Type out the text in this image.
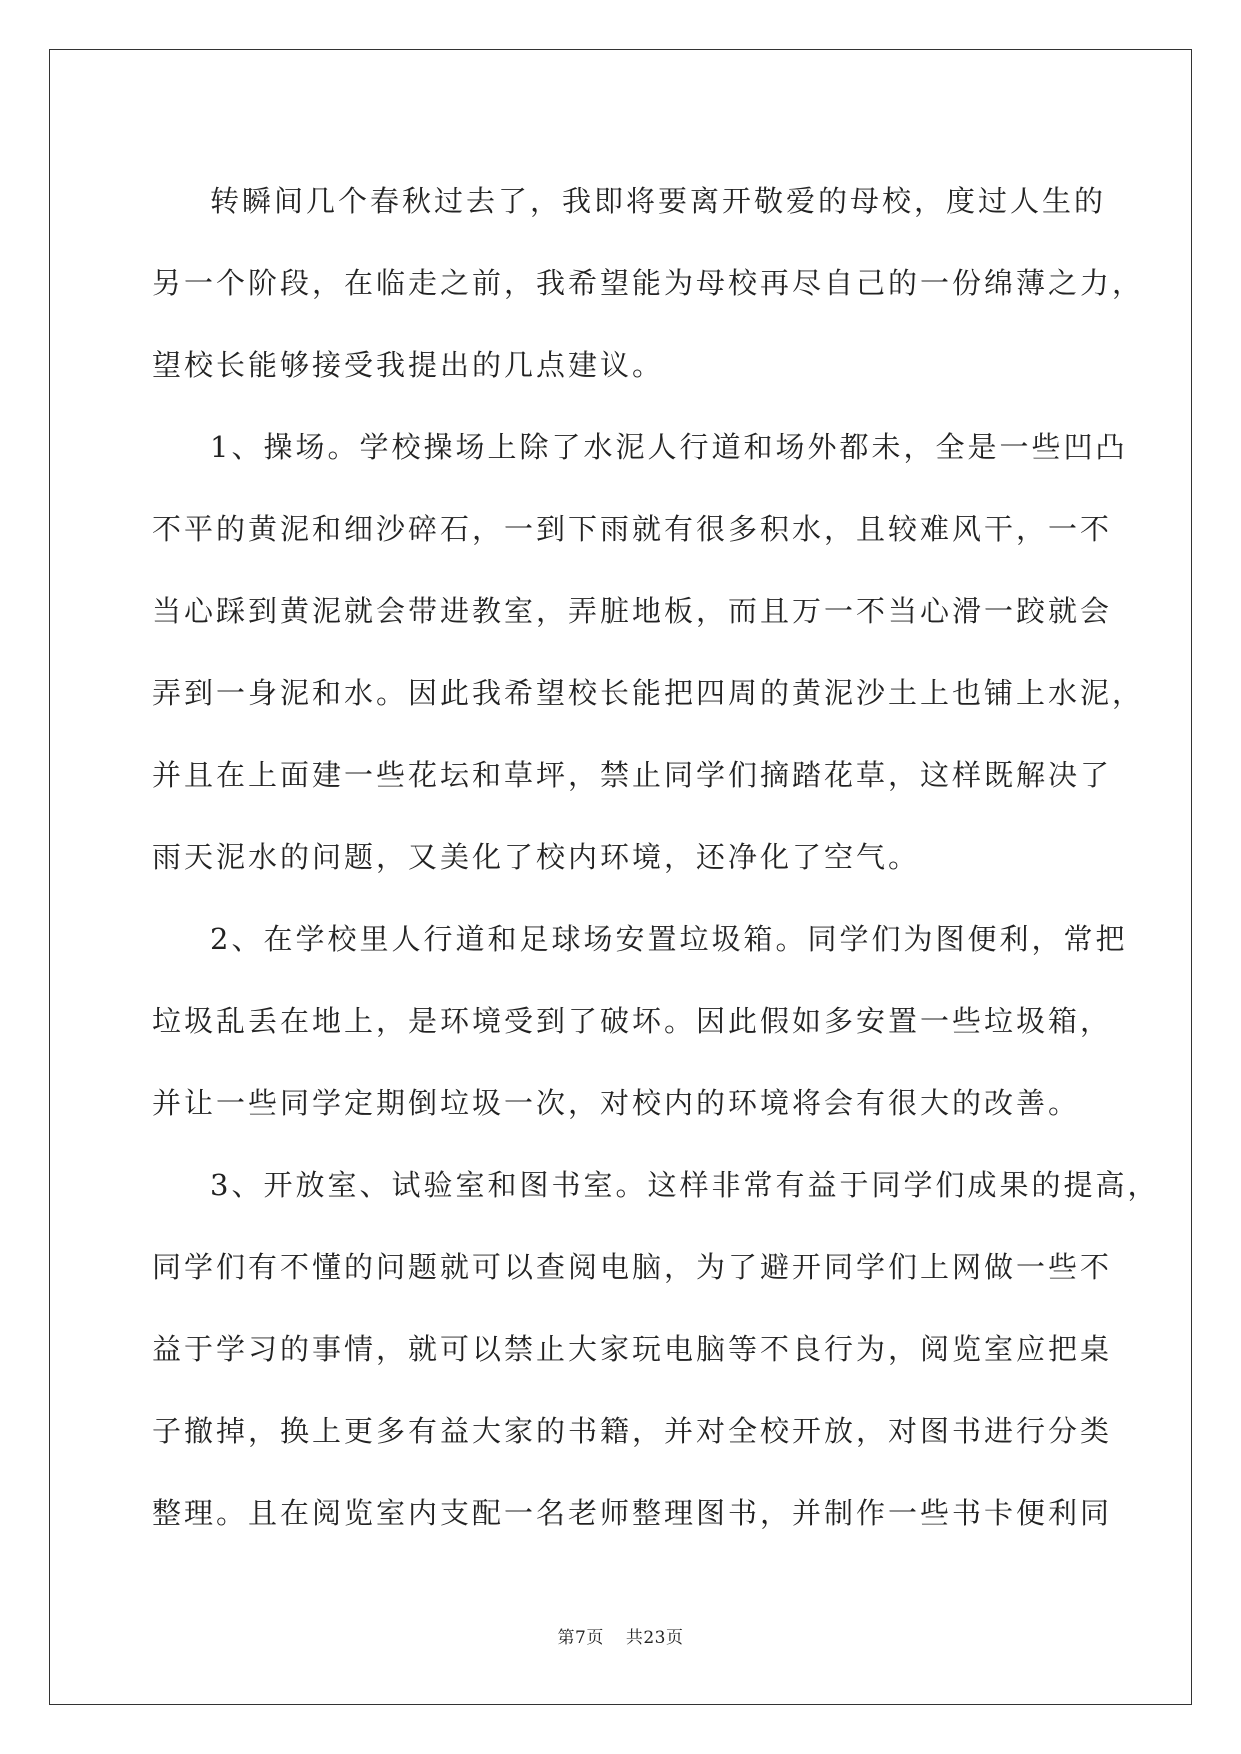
转瞬间几个春秋过去了，我即将要离开敬爱的母校，度过人生的
另一个阶段，在临走之前，我希望能为母校再尽自己的一份绵薄之力，
望校长能够接受我提出的几点建议。

1、操场。学校操场上除了水泥人行道和场外都未，全是一些凹凸
不平的黄泥和细沙碎石，一到下雨就有很多积水，且较难风干，一不
当心踩到黄泥就会带进教室，弄脏地板，而且万一不当心滑一跤就会
弄到一身泥和水。因此我希望校长能把四周的黄泥沙土上也铺上水泥，
并且在上面建一些花坛和草坪，禁止同学们摘踏花草，这样既解决了
雨天泥水的问题，又美化了校内环境，还净化了空气。

2、在学校里人行道和足球场安置垃圾箱。同学们为图便利，常把
垃圾乱丢在地上，是环境受到了破坏。因此假如多安置一些垃圾箱，
并让一些同学定期倒垃圾一次，对校内的环境将会有很大的改善。

3、开放室、试验室和图书室。这样非常有益于同学们成果的提高，
同学们有不懂的问题就可以查阅电脑，为了避开同学们上网做一些不
益于学习的事情，就可以禁止大家玩电脑等不良行为，阅览室应把桌
子撤掉，换上更多有益大家的书籍，并对全校开放，对图书进行分类
整理。且在阅览室内支配一名老师整理图书，并制作一些书卡便利同

第7页 共23页
